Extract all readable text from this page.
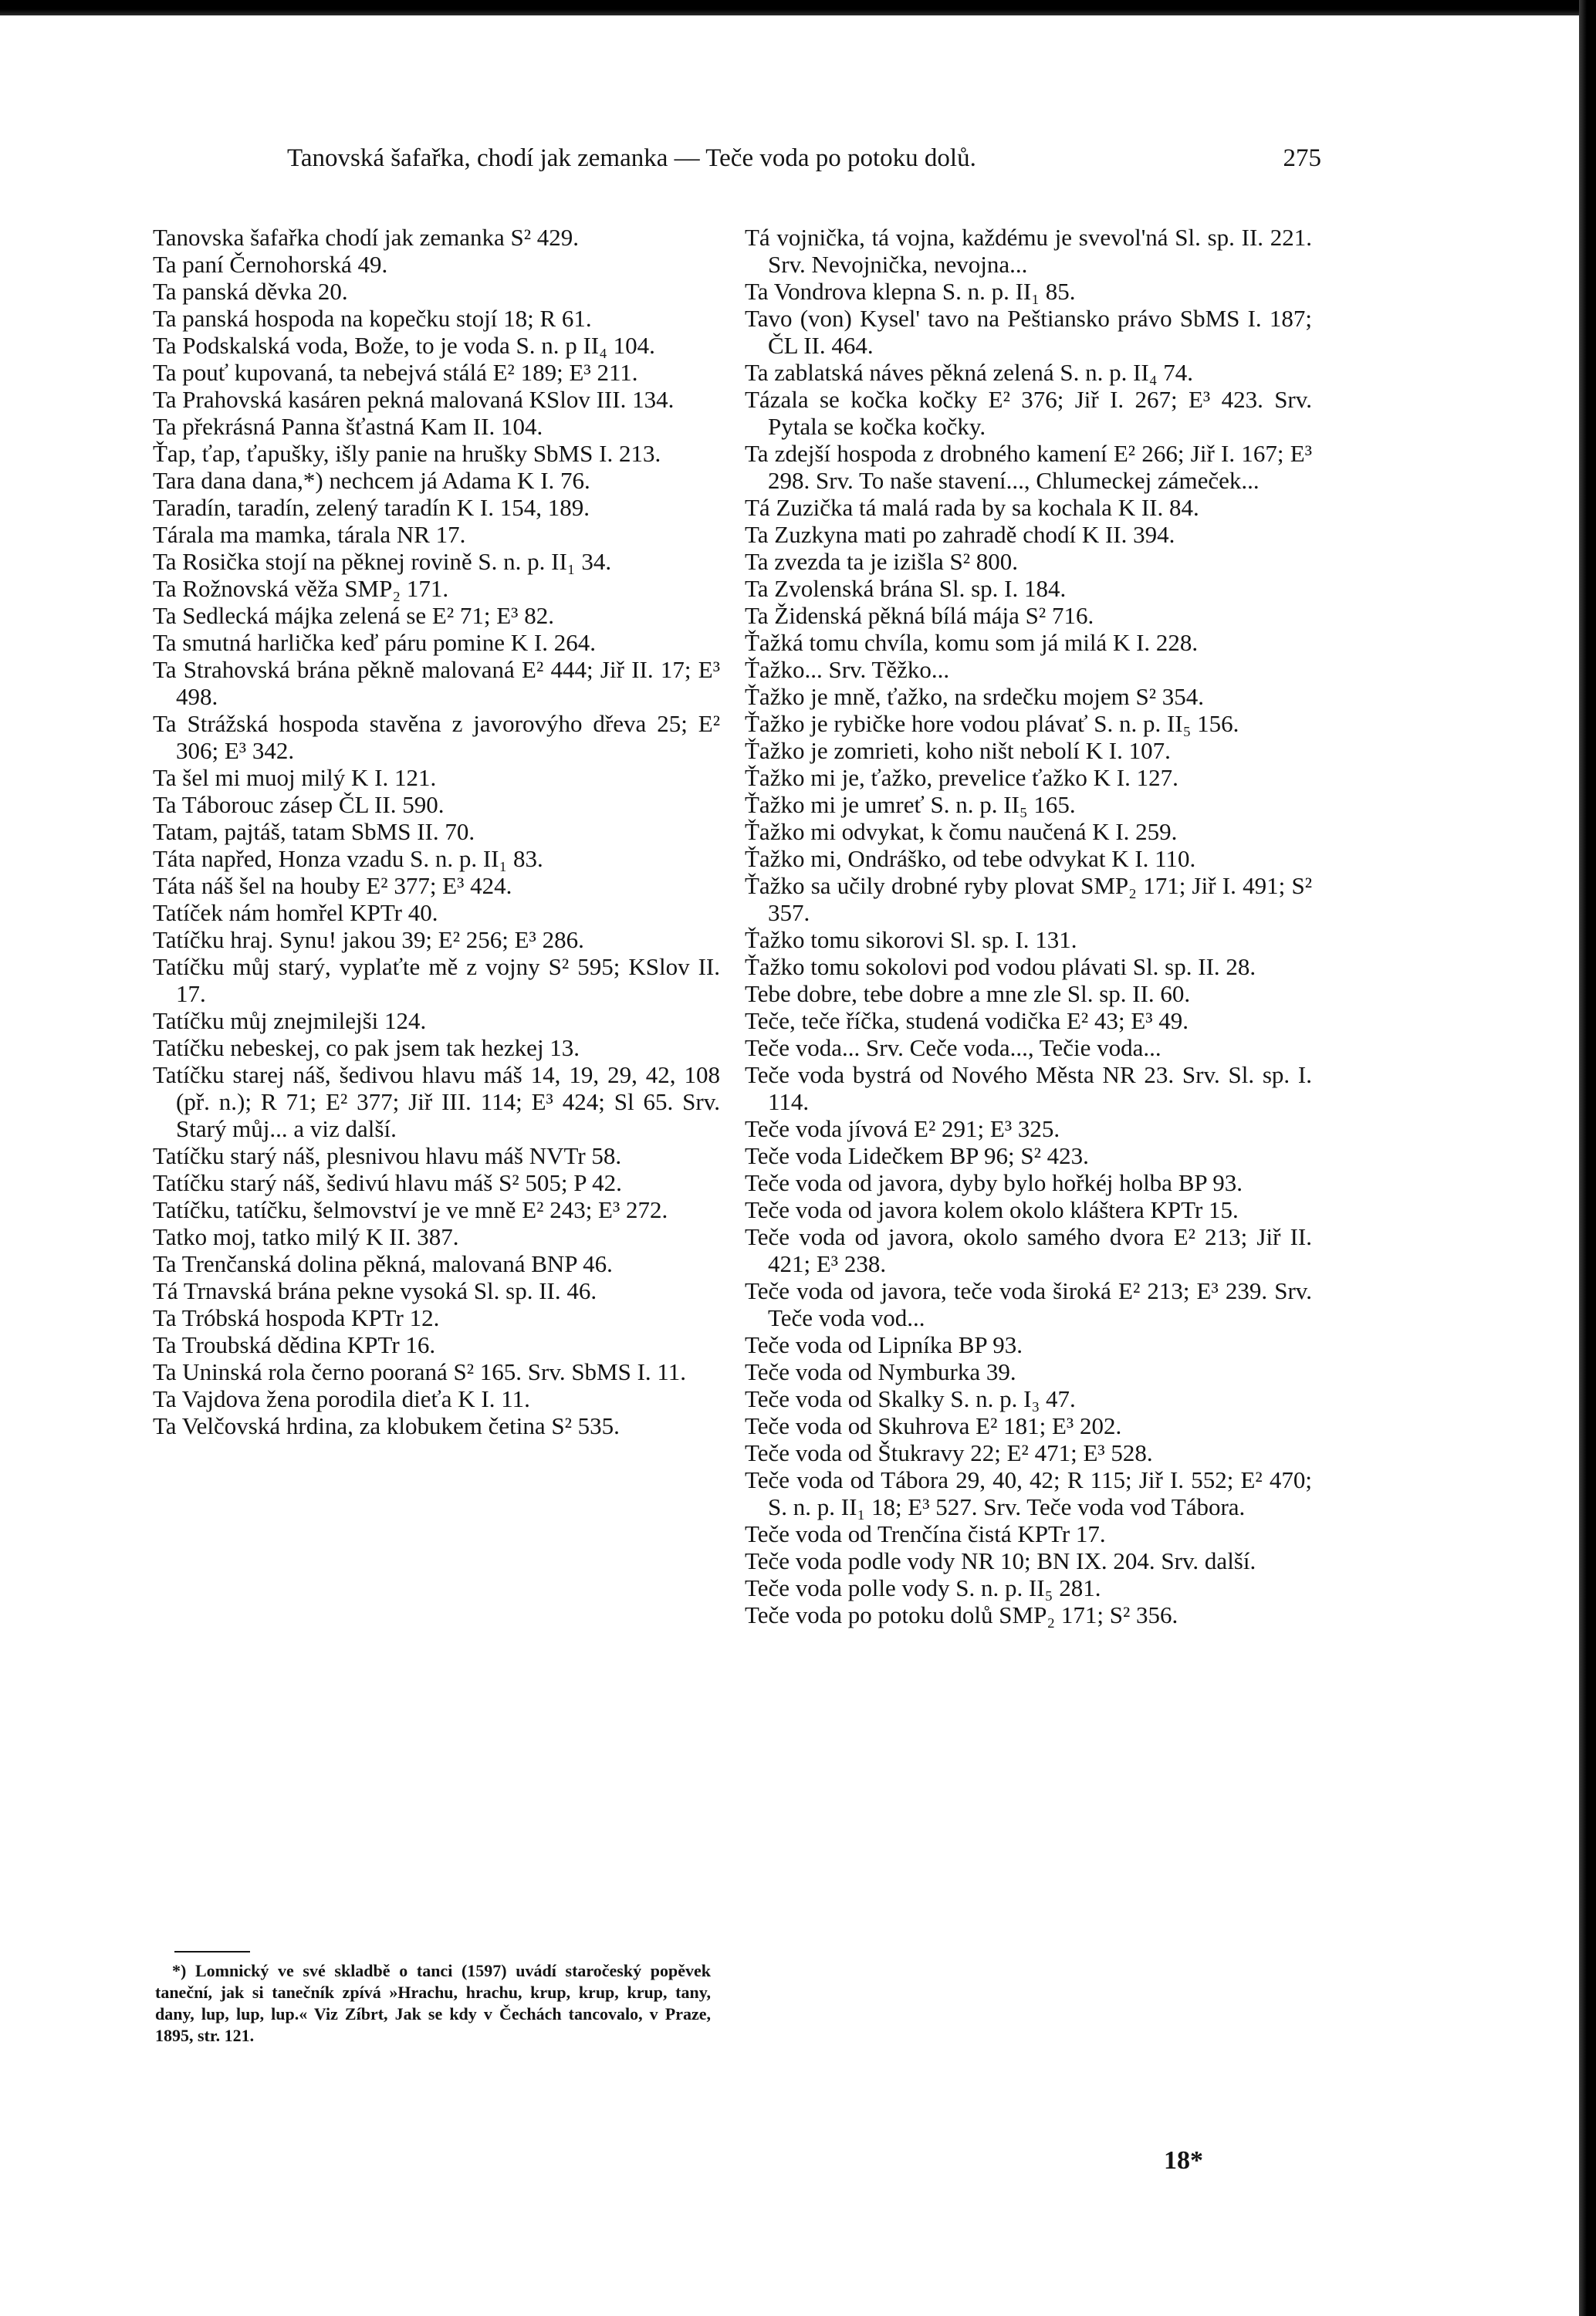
Tanovská šafařka, chodí jak zemanka — Teče voda po potoku dolů.	275

Tanovska šafařka chodí jak zemanka S² 429.

Ta paní Černohorská 49.

Ta panská děvka 20.

Ta panská hospoda na kopečku stojí 18; R 61.

Ta Podskalská voda, Bože, to je voda S. n. p II₄ 104.

Ta pouť kupovaná, ta nebejvá stálá E² 189; E³ 211.

Ta Prahovská kasáren pekná malovaná KSlov III. 134.

Ta překrásná Panna šťastná Kam II. 104.

Ťap, ťap, ťapušky, išly panie na hrušky SbMS I. 213.

Tara dana dana,*) nechcem já Adama K I. 76.

Taradín, taradín, zelený taradín K I. 154, 189.

Tárala ma mamka, tárala NR 17.

Ta Rosička stojí na pěknej rovině S. n. p. II₁ 34.

Ta Rožnovská věža SMP₂ 171.

Ta Sedlecká májka zelená se E² 71; E³ 82.

Ta smutná harlička keď páru pomine K I. 264.

Ta Strahovská brána pěkně malovaná E² 444; Jiř II. 17; E³ 498.

Ta Strážská hospoda stavěna z javorovýho dřeva 25; E² 306; E³ 342.

Ta šel mi muoj milý K I. 121.

Ta Táborouc zásep ČL II. 590.

Tatam, pajtáš, tatam SbMS II. 70.

Táta napřed, Honza vzadu S. n. p. II₁ 83.

Táta náš šel na houby E² 377; E³ 424.

Tatíček nám homřel KPTr 40.

Tatíčku hraj. Synu! jakou 39; E² 256; E³ 286.

Tatíčku můj starý, vyplaťte mě z vojny S² 595; KSlov II. 17.

Tatíčku můj znejmilejši 124.

Tatíčku nebeskej, co pak jsem tak hezkej 13.

Tatíčku starej náš, šedivou hlavu máš 14, 19, 29, 42, 108 (př. n.); R 71; E² 377; Jiř III. 114; E³ 424; Sl 65. Srv. Starý můj... a viz další.

Tatíčku starý náš, plesnivou hlavu máš NVTr 58.

Tatíčku starý náš, šedivú hlavu máš S² 505; P 42.

Tatíčku, tatíčku, šelmovství je ve mně E² 243; E³ 272.

Tatko moj, tatko milý K II. 387.

Ta Trenčanská dolina pěkná, malovaná BNP 46.

Tá Trnavská brána pekne vysoká Sl. sp. II. 46.

Ta Tróbská hospoda KPTr 12.

Ta Troubská dědina KPTr 16.

Ta Uninská rola černo pooraná S² 165. Srv. SbMS I. 11.

Ta Vajdova žena porodila dieťa K I. 11.

Ta Velčovská hrdina, za klobukem četina S² 535.

Tá vojnička, tá vojna, každému je svevol'ná Sl. sp. II. 221. Srv. Nevojnička, nevojna...

Ta Vondrova klepna S. n. p. II₁ 85.

Tavo (von) Kysel' tavo na Peštiansko právo SbMS I. 187; ČL II. 464.

Ta zablatská náves pěkná zelená S. n. p. II₄ 74.

Tázala se kočka kočky E² 376; Jiř I. 267; E³ 423. Srv. Pytala se kočka kočky.

Ta zdejší hospoda z drobného kamení E² 266; Jiř I. 167; E³ 298. Srv. To naše stavení..., Chlumeckej zámeček...

Tá Zuzička tá malá rada by sa kochala K II. 84.

Ta Zuzkyna mati po zahradě chodí K II. 394.

Ta zvezda ta je izišla S² 800.

Ta Zvolenská brána Sl. sp. I. 184.

Ta Židenská pěkná bílá mája S² 716.

Ťažká tomu chvíla, komu som já milá K I. 228.

Ťažko... Srv. Těžko...

Ťažko je mně, ťažko, na srdečku mojem S² 354.

Ťažko je rybičke hore vodou plávať S. n. p. II₅ 156.

Ťažko je zomrieti, koho ništ nebolí K I. 107.

Ťažko mi je, ťažko, prevelice ťažko K I. 127.

Ťažko mi je umreť S. n. p. II₅ 165.

Ťažko mi odvykat, k čomu naučená K I. 259.

Ťažko mi, Ondráško, od tebe odvykat K I. 110.

Ťažko sa učily drobné ryby plovat SMP₂ 171; Jiř I. 491; S² 357.

Ťažko tomu sikorovi Sl. sp. I. 131.

Ťažko tomu sokolovi pod vodou plávati Sl. sp. II. 28.

Tebe dobre, tebe dobre a mne zle Sl. sp. II. 60.

Teče, teče říčka, studená vodička E² 43; E³ 49.

Teče voda... Srv. Ceče voda..., Tečie voda...

Teče voda bystrá od Nového Města NR 23. Srv. Sl. sp. I. 114.

Teče voda jívová E² 291; E³ 325.

Teče voda Lidečkem BP 96; S² 423.

Teče voda od javora, dyby bylo hořkéj holba BP 93.

Teče voda od javora kolem okolo kláštera KPTr 15.

Teče voda od javora, okolo samého dvora E² 213; Jiř II. 421; E³ 238.

Teče voda od javora, teče voda široká E² 213; E³ 239. Srv. Teče voda vod...

Teče voda od Lipníka BP 93.

Teče voda od Nymburka 39.

Teče voda od Skalky S. n. p. I₃ 47.

Teče voda od Skuhrova E² 181; E³ 202.

Teče voda od Štukravy 22; E² 471; E³ 528.

Teče voda od Tábora 29, 40, 42; R 115; Jiř I. 552; E² 470; S. n. p. II₁ 18; E³ 527. Srv. Teče voda vod Tábora.

Teče voda od Trenčína čistá KPTr 17.

Teče voda podle vody NR 10; BN IX. 204. Srv. další.

Teče voda polle vody S. n. p. II₅ 281.

Teče voda po potoku dolů SMP₂ 171; S² 356.

*) Lomnický ve své skladbě o tanci (1597) uvádí staročeský popěvek taneční, jak si tanečník zpívá »Hrachu, hrachu, krup, krup, krup, tany, dany, lup, lup, lup.« Viz Zíbrt, Jak se kdy v Čechách tancovalo, v Praze, 1895, str. 121.
18*
